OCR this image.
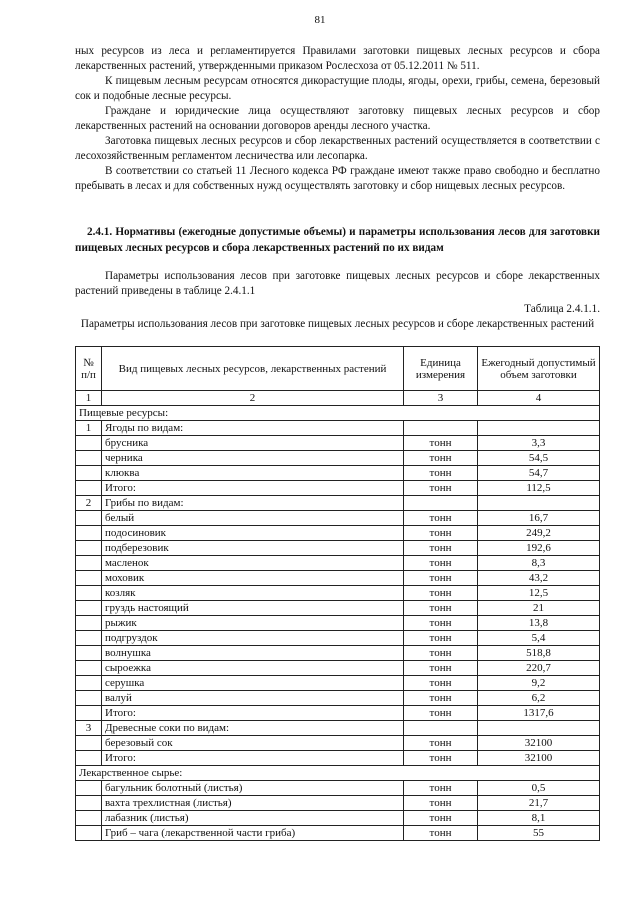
81

ных ресурсов из леса и регламентируется Правилами заготовки пищевых лесных ресурсов и сбора лекарственных растений, утвержденными приказом Рослесхоза от 05.12.2011 № 511.

К пищевым лесным ресурсам относятся дикорастущие плоды, ягоды, орехи, грибы, семена, березовый сок и подобные лесные ресурсы.

Граждане и юридические лица осуществляют заготовку пищевых лесных ресурсов и сбор лекарственных растений на основании договоров аренды лесного участка.

Заготовка пищевых лесных ресурсов и сбор лекарственных растений осуществляется в соответствии с лесохозяйственным регламентом лесничества или лесопарка.

В соответствии со статьей 11 Лесного кодекса РФ граждане имеют также право свободно и бесплатно пребывать в лесах и для собственных нужд осуществлять заготовку и сбор нищевых лесных ресурсов.

2.4.1. Нормативы (ежегодные допустимые объемы) и параметры использования лесов для заготовки пищевых лесных ресурсов и сбора лекарственных растений по их видам
Параметры использования лесов при заготовке пищевых лесных ресурсов и сборе лекарственных растений приведены в таблице 2.4.1.1
Таблица 2.4.1.1.
Параметры использования лесов при заготовке пищевых лесных ресурсов и сборе лекарственных растений
№ п/п	Вид пищевых лесных ресурсов, лекарственных растений	Единица измерения	Ежегодный допустимый объем заготовки
1	2	3	4
Пищевые ресурсы:			
1	Ягоды по видам:		
	брусника	тонн	3,3
	черника	тонн	54,5
	клюква	тонн	54,7
	Итого:	тонн	112,5
2	Грибы по видам:		
	белый	тонн	16,7
	подосиновик	тонн	249,2
	подберезовик	тонн	192,6
	масленок	тонн	8,3
	моховик	тонн	43,2
	козляк	тонн	12,5
	груздь настоящий	тонн	21
	рыжик	тонн	13,8
	подгруздок	тонн	5,4
	волнушка	тонн	518,8
	сыроежка	тонн	220,7
	серушка	тонн	9,2
	валуй	тонн	6,2
	Итого:	тонн	1317,6
3	Древесные соки по видам:		
	березовый сок	тонн	32100
	Итого:	тонн	32100
Лекарственное сырье:			
	багульник болотный (листья)	тонн	0,5
	вахта трехлистная (листья)	тонн	21,7
	лабазник (листья)	тонн	8,1
	Гриб – чага (лекарственной части гриба)	тонн	55
